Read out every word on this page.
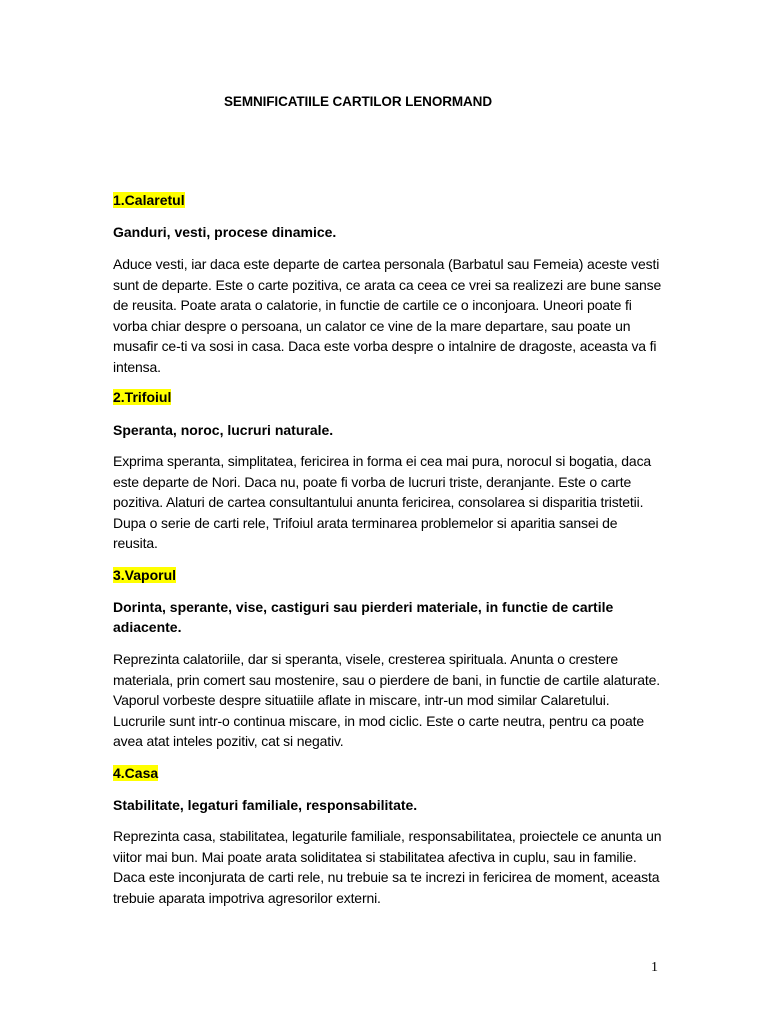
SEMNIFICATIILE CARTILOR LENORMAND
1.Calaretul
Ganduri, vesti, procese dinamice.
Aduce vesti, iar daca este departe de cartea personala (Barbatul sau Femeia) aceste vesti sunt de departe. Este o carte pozitiva, ce arata ca ceea ce vrei sa realizezi are bune sanse de reusita. Poate arata o calatorie, in functie de cartile ce o inconjoara. Uneori poate fi vorba chiar despre o persoana, un calator ce vine de la mare departare, sau poate un musafir ce-ti va sosi in casa. Daca este vorba despre o intalnire de dragoste, aceasta va fi intensa.
2.Trifoiul
Speranta, noroc, lucruri naturale.
Exprima speranta, simplitatea, fericirea in forma ei cea mai pura, norocul si bogatia, daca este departe de Nori. Daca nu, poate fi vorba de lucruri triste, deranjante. Este o carte pozitiva. Alaturi de cartea consultantului anunta fericirea, consolarea si disparitia tristetii. Dupa o serie de carti rele, Trifoiul arata terminarea problemelor si aparitia sansei de reusita.
3.Vaporul
Dorinta, sperante, vise, castiguri sau pierderi materiale, in functie de cartile adiacente.
Reprezinta calatoriile, dar si speranta, visele, cresterea spirituala. Anunta o crestere materiala, prin comert sau mostenire, sau o pierdere de bani, in functie de cartile alaturate. Vaporul vorbeste despre situatiile aflate in miscare, intr-un mod similar Calaretului. Lucrurile sunt intr-o continua miscare, in mod ciclic. Este o carte neutra, pentru ca poate avea atat inteles pozitiv, cat si negativ.
4.Casa
Stabilitate, legaturi familiale, responsabilitate.
Reprezinta casa, stabilitatea, legaturile familiale, responsabilitatea, proiectele ce anunta un viitor mai bun. Mai poate arata soliditatea si stabilitatea afectiva in cuplu, sau in familie. Daca este inconjurata de carti rele, nu trebuie sa te increzi in fericirea de moment, aceasta trebuie aparata impotriva agresorilor externi.
1
